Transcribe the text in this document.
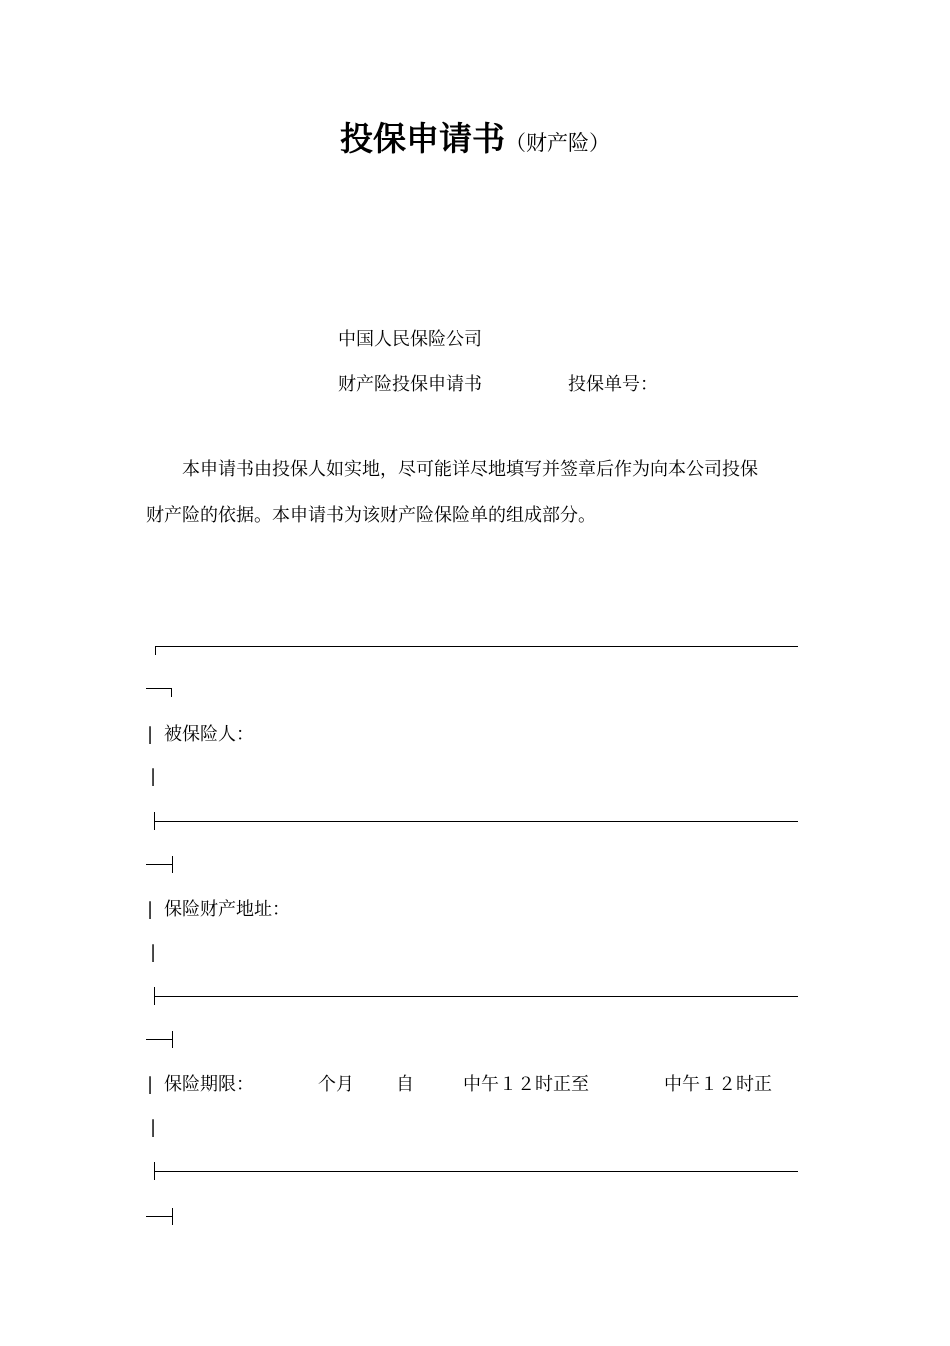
投保申请书（财产险）
中国人民保险公司
财产险投保申请书	投保单号：
本申请书由投保人如实地，尽可能详尽地填写并签章后作为向本公司投保
财产险的依据。本申请书为该财产险保险单的组成部分。
| 被保险人：
|
| 保险财产地址：
|
| 保险期限：	个月 自	中午１２时正至	中午１２时正
|
